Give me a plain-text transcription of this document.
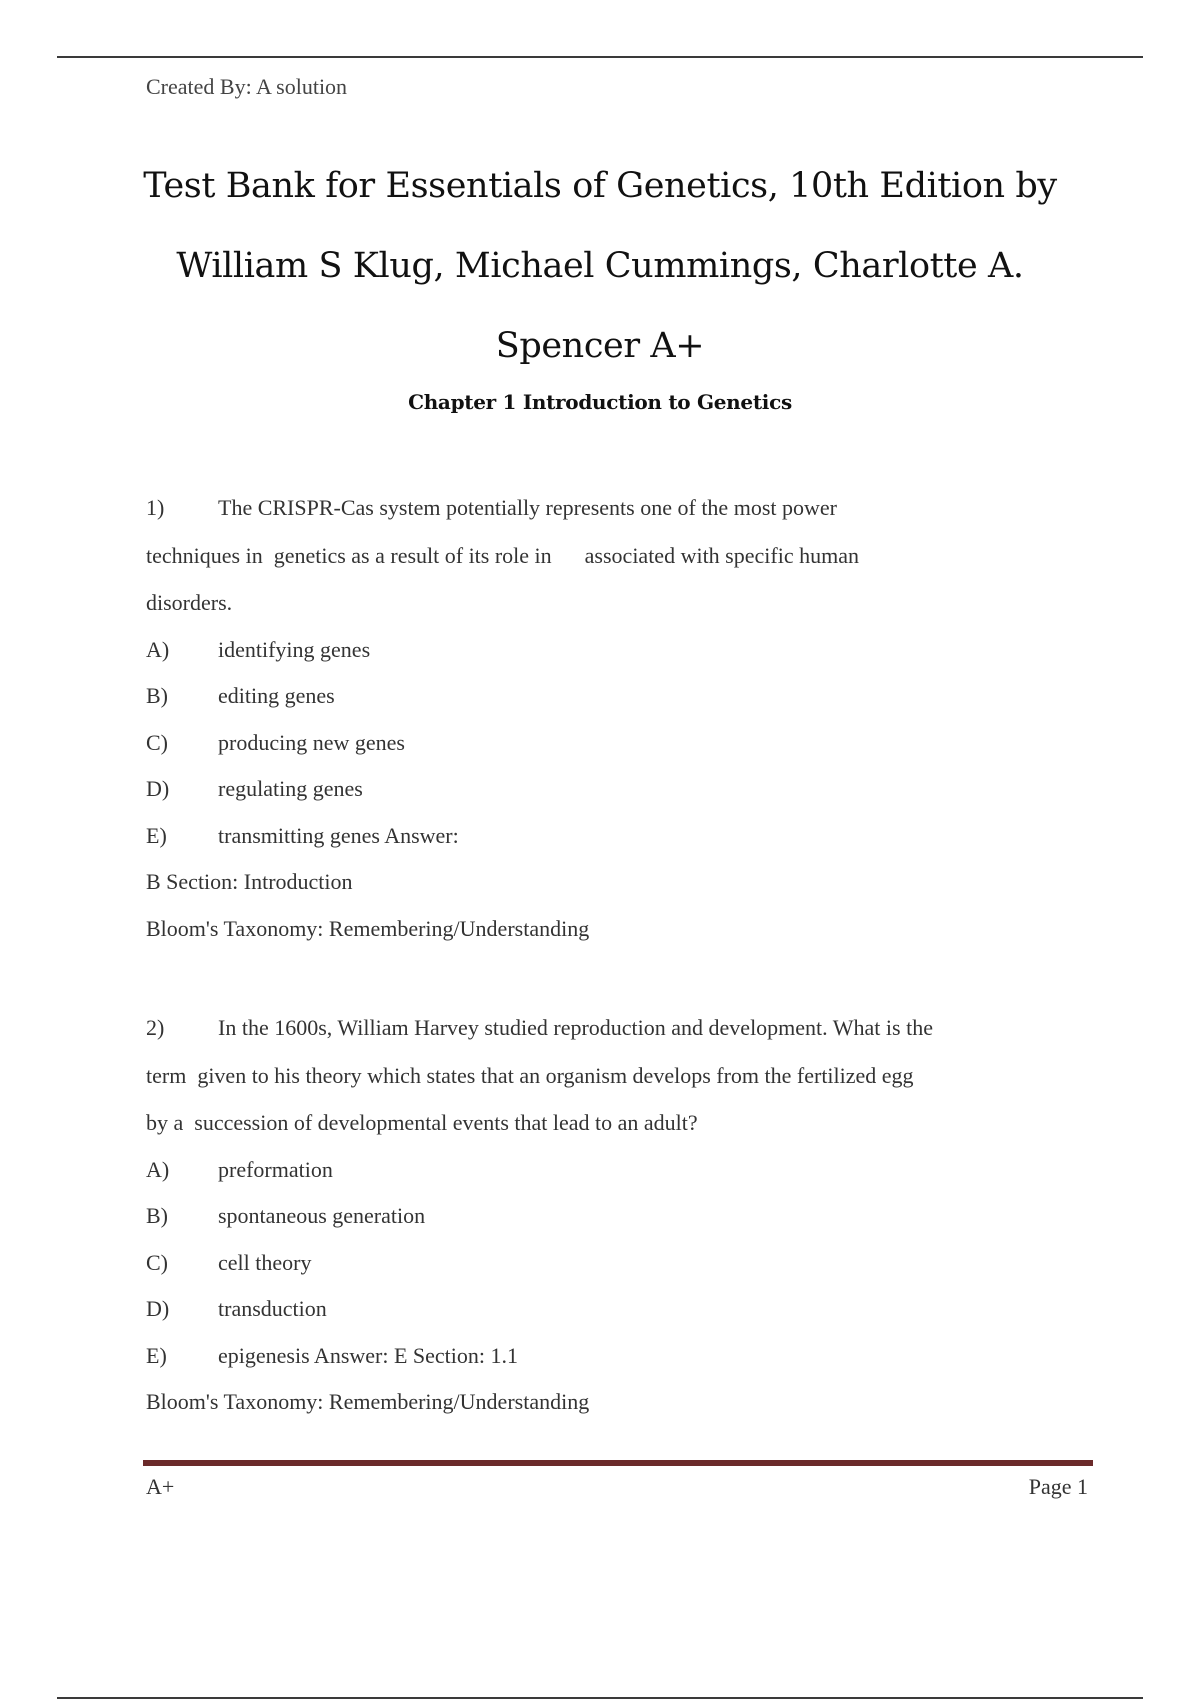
Created By: A solution
Test Bank for Essentials of Genetics, 10th Edition by
William S Klug, Michael Cummings, Charlotte A.
Spencer A+
Chapter 1 Introduction to Genetics
1) The CRISPR-Cas system potentially represents one of the most power
techniques in  genetics as a result of its role in      associated with specific human
disorders.
A) identifying genes
B) editing genes
C) producing new genes
D) regulating genes
E) transmitting genes Answer:
B Section: Introduction
Bloom's Taxonomy: Remembering/Understanding
2) In the 1600s, William Harvey studied reproduction and development. What is the
term  given to his theory which states that an organism develops from the fertilized egg
by a  succession of developmental events that lead to an adult?
A) preformation
B) spontaneous generation
C) cell theory
D) transduction
E) epigenesis Answer: E Section: 1.1
Bloom's Taxonomy: Remembering/Understanding
A+	Page 1
